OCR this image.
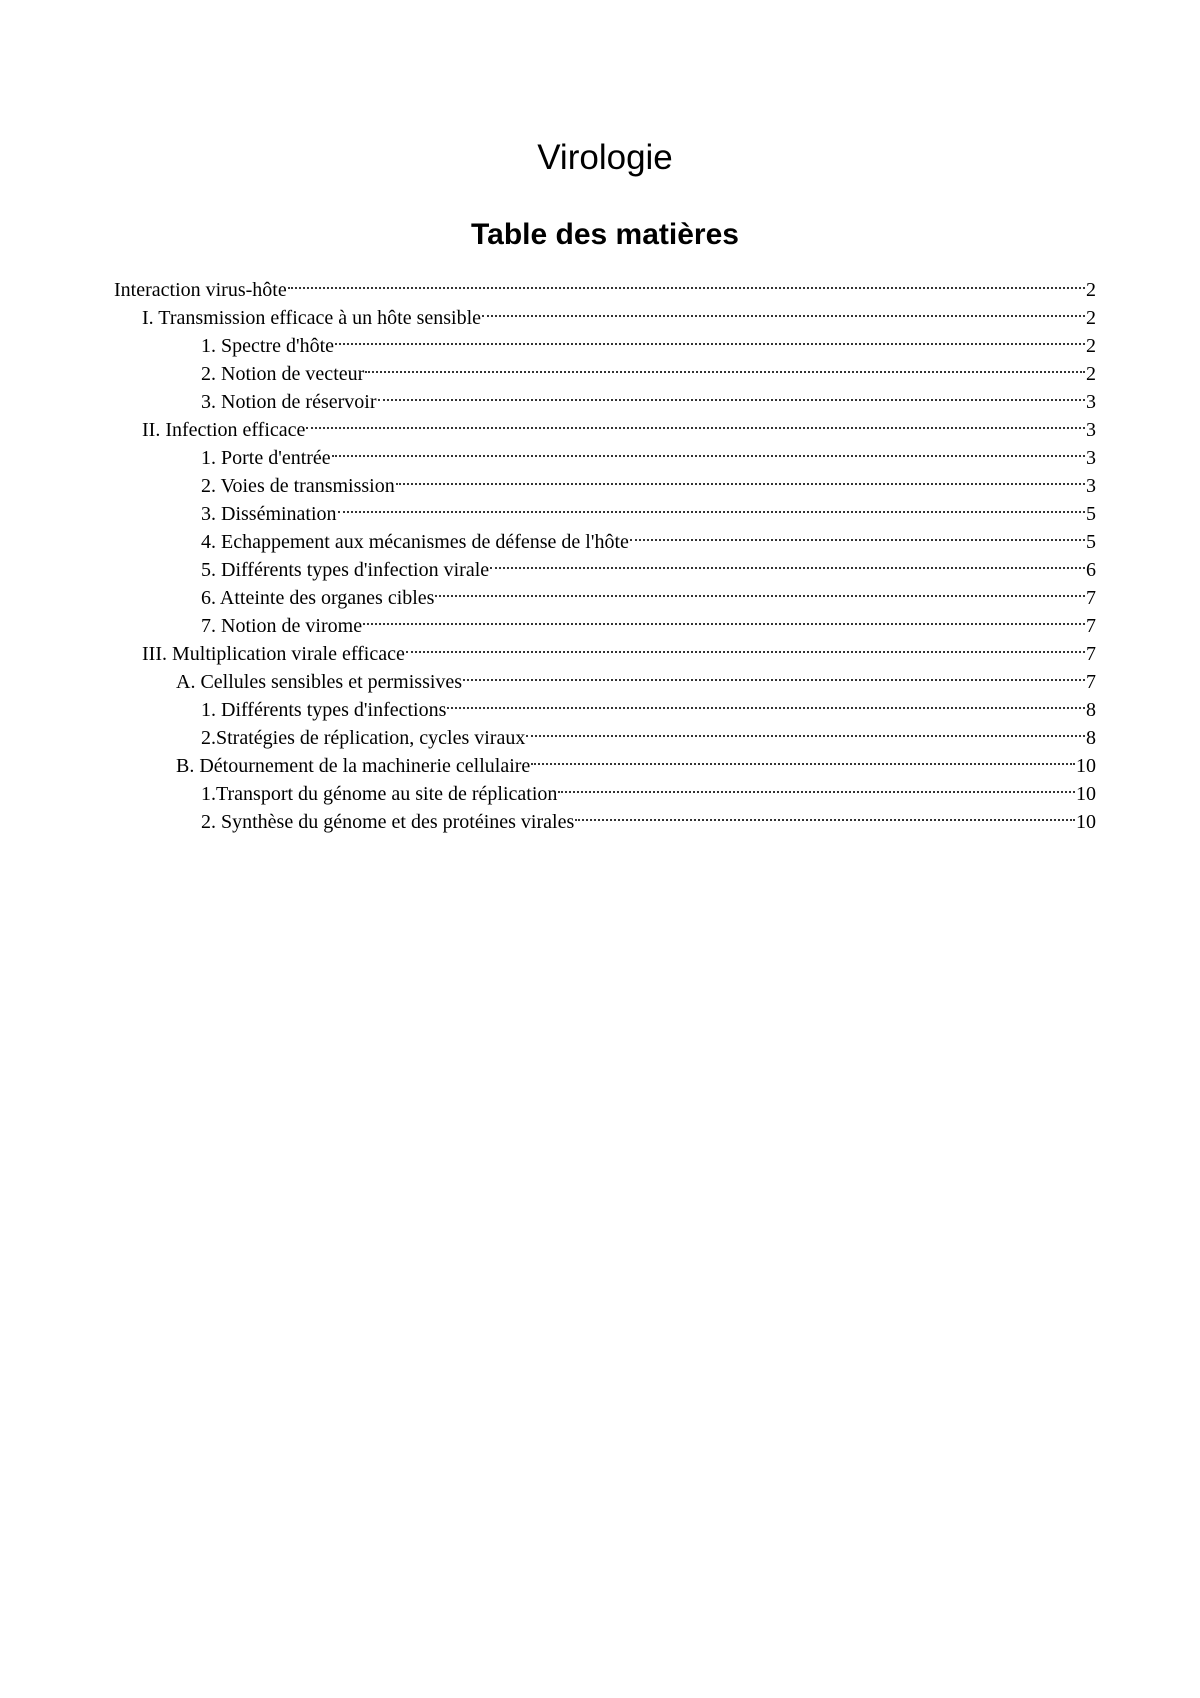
Virologie
Table des matières
Interaction virus-hôte	2
I. Transmission efficace à un hôte sensible	2
1. Spectre d'hôte	2
2. Notion de vecteur	2
3. Notion de réservoir	3
II. Infection efficace	3
1. Porte d'entrée	3
2. Voies de transmission	3
3. Dissémination	5
4. Echappement aux mécanismes de défense de l'hôte	5
5. Différents types d'infection virale	6
6. Atteinte des organes cibles	7
7. Notion de virome	7
III. Multiplication virale efficace	7
A. Cellules sensibles et permissives	7
1. Différents types d'infections	8
2.Stratégies de réplication, cycles viraux	8
B. Détournement de la machinerie cellulaire	10
1.Transport du génome au site de réplication	10
2. Synthèse du génome et des protéines virales	10
